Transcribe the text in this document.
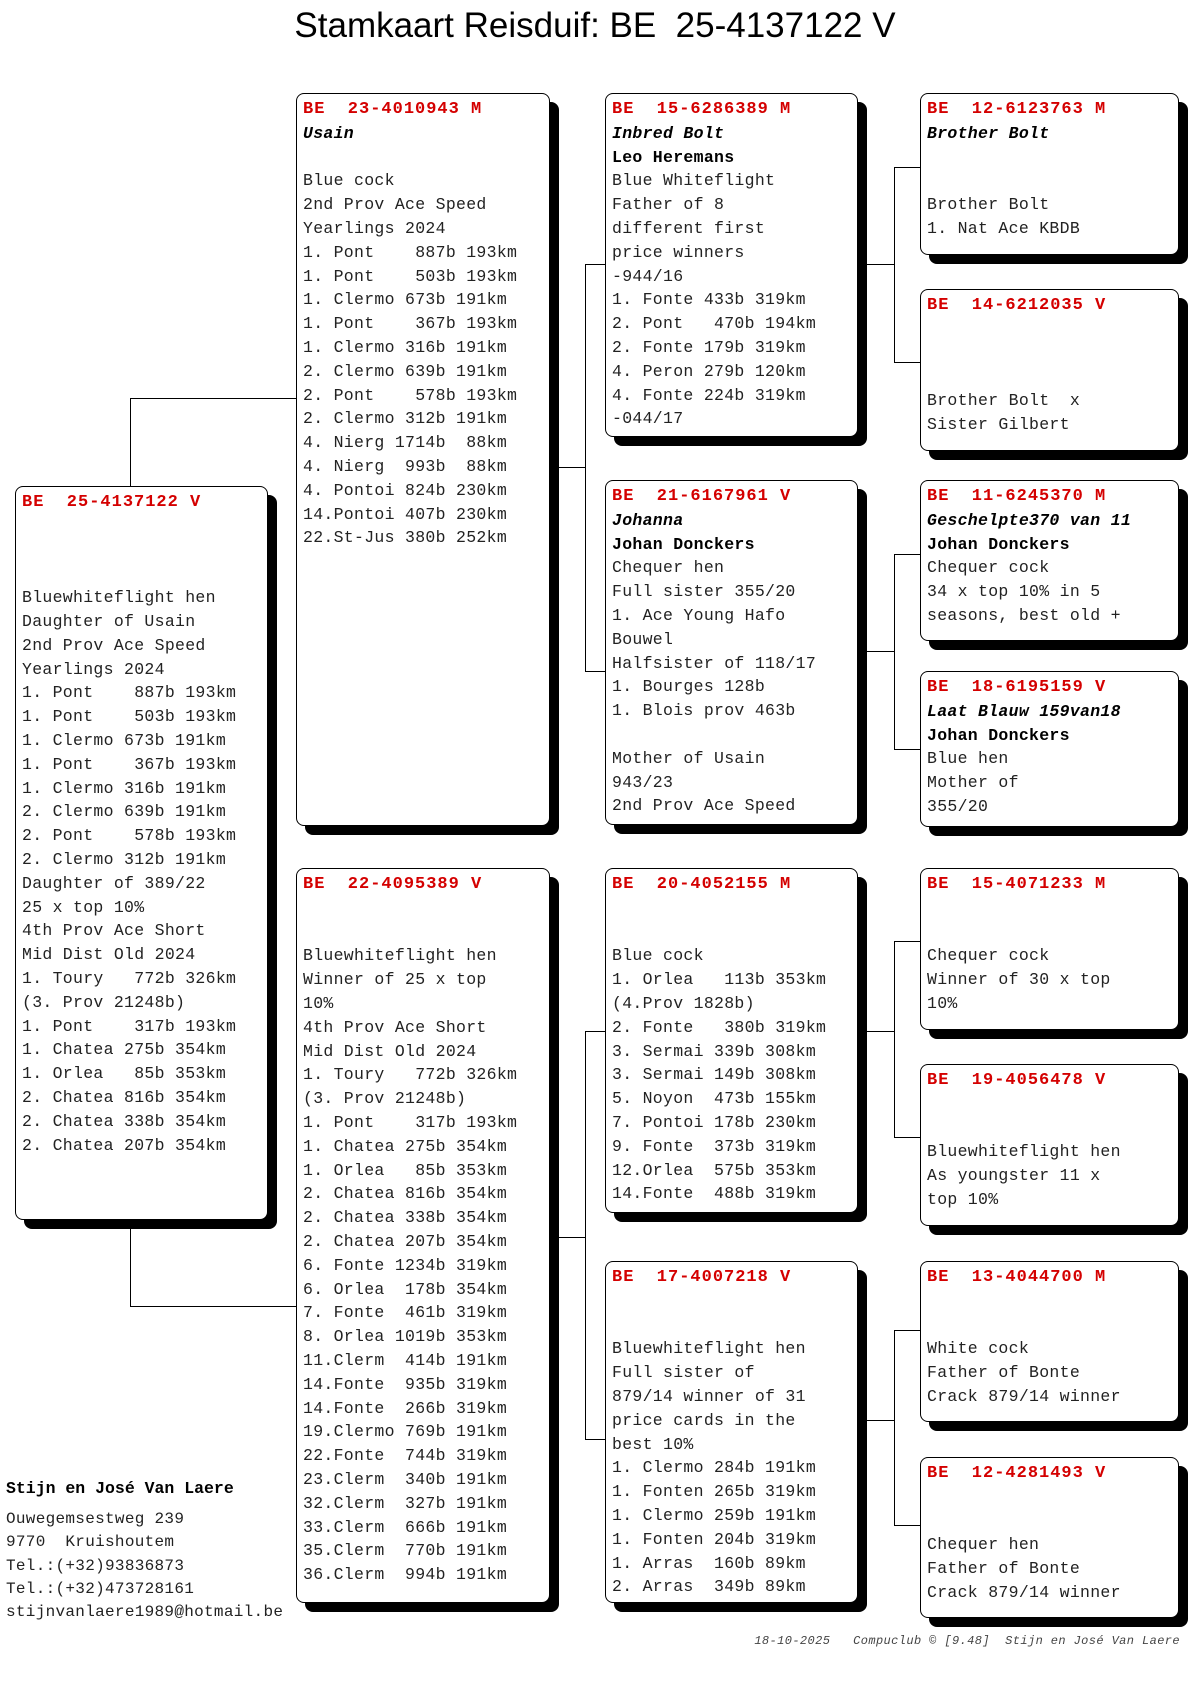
Stamkaart Reisduif: BE  25-4137122 V
BE  25-4137122 V
Bluewhiteflight hen
Daughter of Usain
2nd Prov Ace Speed
Yearlings 2024
1. Pont    887b 193km
1. Pont    503b 193km
1. Clermo 673b 191km
1. Pont    367b 193km
1. Clermo 316b 191km
2. Clermo 639b 191km
2. Pont    578b 193km
2. Clermo 312b 191km
Daughter of 389/22
25 x top 10%
4th Prov Ace Short
Mid Dist Old 2024
1. Toury   772b 326km
(3. Prov 21248b)
1. Pont    317b 193km
1. Chatea 275b 354km
1. Orlea   85b 353km
2. Chatea 816b 354km
2. Chatea 338b 354km
2. Chatea 207b 354km
BE  23-4010943 M
Usain
Blue cock
2nd Prov Ace Speed
Yearlings 2024
1. Pont    887b 193km
1. Pont    503b 193km
1. Clermo 673b 191km
1. Pont    367b 193km
1. Clermo 316b 191km
2. Clermo 639b 191km
2. Pont    578b 193km
2. Clermo 312b 191km
4. Nierg 1714b  88km
4. Nierg  993b  88km
4. Pontoi 824b 230km
14.Pontoi 407b 230km
22.St-Jus 380b 252km
BE  22-4095389 V
Bluewhiteflight hen
Winner of 25 x top
10%
4th Prov Ace Short
Mid Dist Old 2024
1. Toury   772b 326km
(3. Prov 21248b)
1. Pont    317b 193km
1. Chatea 275b 354km
1. Orlea   85b 353km
2. Chatea 816b 354km
2. Chatea 338b 354km
2. Chatea 207b 354km
6. Fonte 1234b 319km
6. Orlea  178b 354km
7. Fonte  461b 319km
8. Orlea 1019b 353km
11.Clerm  414b 191km
14.Fonte  935b 319km
14.Fonte  266b 319km
19.Clermo 769b 191km
22.Fonte  744b 319km
23.Clerm  340b 191km
32.Clerm  327b 191km
33.Clerm  666b 191km
35.Clerm  770b 191km
36.Clerm  994b 191km
BE  15-6286389 M
Inbred Bolt
Leo Heremans
Blue Whiteflight
Father of 8
different first
price winners
-944/16
1. Fonte 433b 319km
2. Pont   470b 194km
2. Fonte 179b 319km
4. Peron 279b 120km
4. Fonte 224b 319km
-044/17
BE  21-6167961 V
Johanna
Johan Donckers
Chequer hen
Full sister 355/20
1. Ace Young Hafo
Bouwel
Halfsister of 118/17
1. Bourges 128b
1. Blois prov 463b
Mother of Usain
943/23
2nd Prov Ace Speed
BE  20-4052155 M
Blue cock
1. Orlea   113b 353km
(4.Prov 1828b)
2. Fonte   380b 319km
3. Sermai 339b 308km
3. Sermai 149b 308km
5. Noyon  473b 155km
7. Pontoi 178b 230km
9. Fonte  373b 319km
12.Orlea  575b 353km
14.Fonte  488b 319km
BE  17-4007218 V
Bluewhiteflight hen
Full sister of
879/14 winner of 31
price cards in the
best 10%
1. Clermo 284b 191km
1. Fonten 265b 319km
1. Clermo 259b 191km
1. Fonten 204b 319km
1. Arras  160b 89km
2. Arras  349b 89km
BE  12-6123763 M
Brother Bolt
Brother Bolt
1. Nat Ace KBDB
BE  14-6212035 V
Brother Bolt  x
Sister Gilbert
BE  11-6245370 M
Geschelpte370 van 11
Johan Donckers
Chequer cock
34 x top 10% in 5
seasons, best old +
BE  18-6195159 V
Laat Blauw 159van18
Johan Donckers
Blue hen
Mother of
355/20
BE  15-4071233 M
Chequer cock
Winner of 30 x top
10%
BE  19-4056478 V
Bluewhiteflight hen
As youngster 11 x
top 10%
BE  13-4044700 M
White cock
Father of Bonte
Crack 879/14 winner
BE  12-4281493 V
Chequer hen
Father of Bonte
Crack 879/14 winner
Stijn en José Van Laere
Ouwegemsestweg 239
9770  Kruishoutem
Tel.:(+32)93836873
Tel.:(+32)473728161
stijnvanlaere1989@hotmail.be
18-10-2025   Compuclub © [9.48]  Stijn en José Van Laere
